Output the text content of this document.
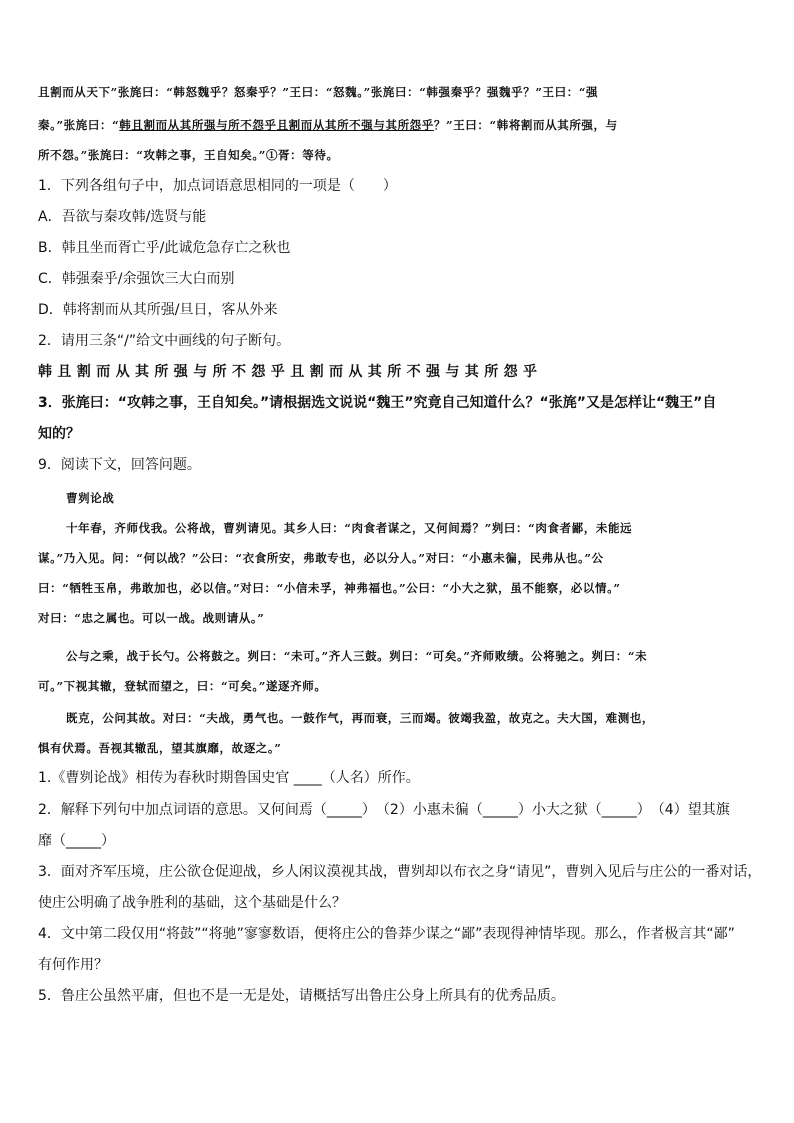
且割而从天下”张旄曰：“韩怒魏乎？怒秦乎？”王曰：“怒魏。”张旄曰：“韩强秦乎？强魏乎？”王曰：“强
秦。”张旄曰：“韩且割而从其所强与所不怨乎且割而从其所不强与其所怨乎？”王曰：“韩将割而从其所强，与
所不怨。”张旄曰：“攻韩之事，王自知矣。”①胥：等待。
1．下列各组句子中，加点词语意思相同的一项是（　　）
A．吾欲与秦攻韩/选贤与能
B．韩且坐而胥亡乎/此诚危急存亡之秋也
C．韩强秦乎/余强饮三大白而别
D．韩将割而从其所强/旦日，客从外来
2．请用三条“/”给文中画线的句子断句。
韩且割而从其所强与所不怨乎且割而从其所不强与其所怨乎
3．张旄曰：“攻韩之事，王自知矣。”请根据选文说说“魏王”究竟自己知道什么？“张旄”又是怎样让“魏王”自
知的？
9．阅读下文，回答问题。
曹刿论战
十年春，齐师伐我。公将战，曹刿请见。其乡人曰：“肉食者谋之，又何间焉？”刿曰：“肉食者鄙，未能远
谋。”乃入见。问：“何以战？”公曰：“衣食所安，弗敢专也，必以分人。”对曰：“小惠未徧，民弗从也。”公
曰：“牺牲玉帛，弗敢加也，必以信。”对曰：“小信未孚，神弗福也。”公曰：“小大之狱，虽不能察，必以情。”
对曰：“忠之属也。可以一战。战则请从。”
公与之乘，战于长勺。公将鼓之。刿曰：“未可。”齐人三鼓。刿曰：“可矣。”齐师败绩。公将驰之。刿曰：“未
可。”下视其辙，登轼而望之，曰：“可矣。”遂逐齐师。
既克，公问其故。对曰：“夫战，勇气也。一鼓作气，再而衰，三而竭。彼竭我盈，故克之。夫大国，难测也，
惧有伏焉。吾视其辙乱，望其旗靡，故逐之。”
1.《曹刿论战》相传为春秋时期鲁国史官 ____（人名）所作。
2．解释下列句中加点词语的意思。又何间焉（_____）　（2）小惠未徧（_____）小大之狱（_____）　（4）望其旗
靡（_____）
3．面对齐军压境，庄公欲仓促迎战，乡人闲议漠视其战，曹刿却以布衣之身“请见”，曹刿入见后与庄公的一番对话，
使庄公明确了战争胜利的基础，这个基础是什么？
4．文中第二段仅用“将鼓”“将驰”寥寥数语，便将庄公的鲁莽少谋之“鄙”表现得神情毕现。那么，作者极言其“鄙”
有何作用？
5．鲁庄公虽然平庸，但也不是一无是处，请概括写出鲁庄公身上所具有的优秀品质。
